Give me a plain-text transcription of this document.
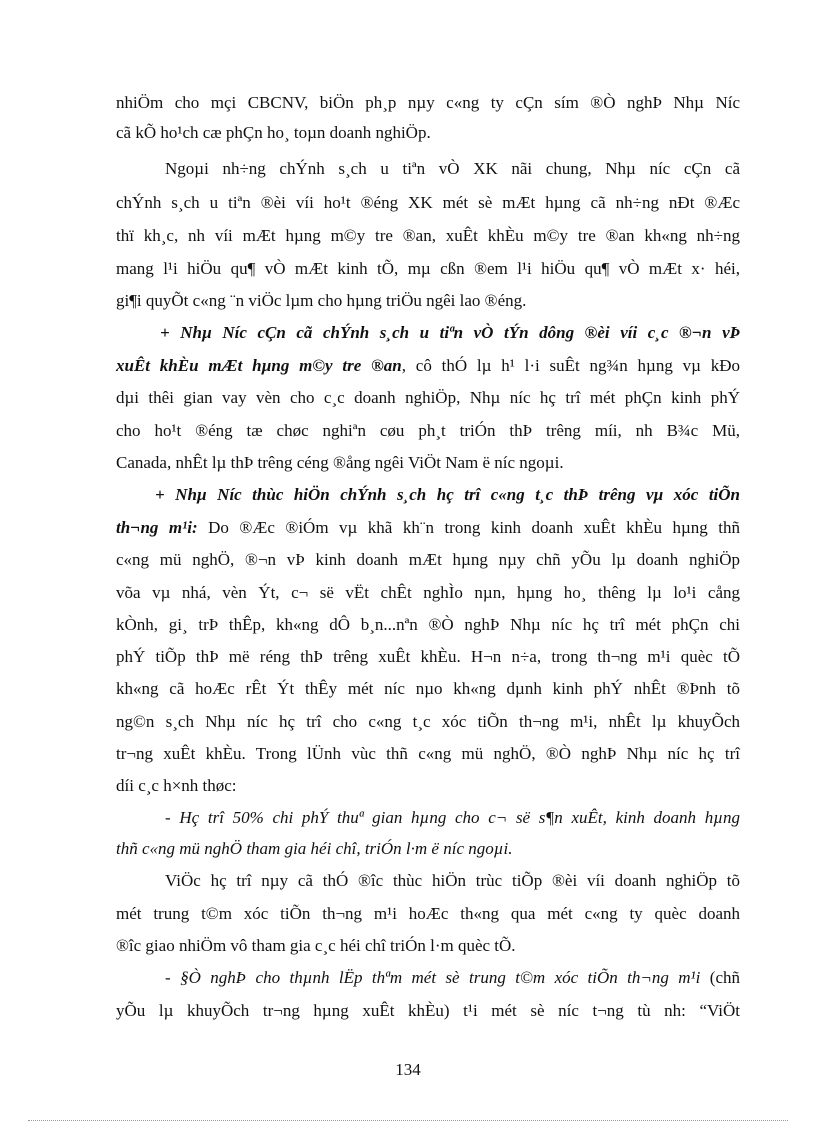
nhiÖm cho mçi CBCNV, biÖn ph¸p nµy c«ng ty cÇn sím ®Ò nghÞ Nhµ Níc
cã kÕ ho¹ch cæ phÇn ho¸ toµn doanh nghiÖp.
Ngoµi nh÷ng chÝnh s¸ch u tiªn vÒ XK nãi chung, Nhµ níc cÇn cã
chÝnh s¸ch u tiªn ®èi víi ho¹t ®éng XK mét sè mÆt hµng cã nh÷ng nÐt ®Æc
thï kh¸c, nh víi mÆt hµng m©y tre ®an, xuÊt khÈu m©y tre ®an kh«ng nh÷ng
mang l¹i hiÖu qu¶ vÒ mÆt kinh tÕ, mµ cßn ®em l¹i hiÖu qu¶ vÒ mÆt x· héi,
gi¶i quyÕt c«ng ¨n viÖc lµm cho hµng triÖu ngêi lao ®éng.
+ Nhµ Níc cÇn cã chÝnh s¸ch u tiªn vÒ tÝn dông ®èi víi c¸c ®¬n vÞ
xuÊt khÈu mÆt hµng m©y tre ®an, cô thÓ lµ h¹ l·i suÊt ng¾n hµng vµ kÐo
dµi thêi gian vay vèn cho c¸c doanh nghiÖp, Nhµ níc hç trî mét phÇn kinh phÝ
cho ho¹t ®éng tæ chøc nghiªn cøu ph¸t triÓn thÞ trêng míi, nh B¾c Mü,
Canada, nhÊt lµ thÞ trêng céng ®ång ngêi ViÖt Nam ë níc ngoµi.
+ Nhµ Níc thùc hiÖn chÝnh s¸ch hç trî c«ng t¸c thÞ trêng vµ xóc tiÕn
th¬ng m¹i: Do ®Æc ®iÓm vµ khã kh¨n trong kinh doanh xuÊt khÈu hµng thñ
c«ng mü nghÖ, ®¬n vÞ kinh doanh mÆt hµng nµy chñ yÕu lµ doanh nghiÖp
võa vµ nhá, vèn Ýt, c¬ së vËt chÊt nghÌo nµn, hµng ho¸ thêng lµ lo¹i cång
kÒnh, gi¸ trÞ thÊp, kh«ng dÔ b¸n...nªn ®Ò nghÞ Nhµ níc hç trî mét phÇn chi
phÝ tiÕp thÞ më réng thÞ trêng xuÊt khÈu. H¬n n÷a, trong th¬ng m¹i quèc tÕ
kh«ng cã hoÆc rÊt Ýt thÊy mét níc nµo kh«ng dµnh kinh phÝ nhÊt ®Þnh tõ
ng©n s¸ch Nhµ níc hç trî cho c«ng t¸c xóc tiÕn th¬ng m¹i, nhÊt lµ khuyÕch
tr¬ng xuÊt khÈu. Trong lÜnh vùc thñ c«ng mü nghÖ, ®Ò nghÞ Nhµ níc hç trî
díi c¸c h×nh thøc:
- Hç trî 50% chi phÝ thuª gian hµng cho c¬ së s¶n xuÊt, kinh doanh hµng
thñ c«ng mü nghÖ tham gia héi chî, triÓn l·m ë níc ngoµi.
ViÖc hç trî nµy cã thÓ ®îc thùc hiÖn trùc tiÕp ®èi víi doanh nghiÖp tõ
mét trung t©m xóc tiÕn th¬ng m¹i hoÆc th«ng qua mét c«ng ty quèc doanh
®îc giao nhiÖm vô tham gia c¸c héi chî triÓn l·m quèc tÕ.
- §Ò nghÞ cho thµnh lËp thªm mét sè trung t©m xóc tiÕn th¬ng m¹i (chñ
yÕu lµ khuyÕch tr¬ng hµng xuÊt khÈu) t¹i mét sè níc t¬ng tù nh: “ViÖt
134
